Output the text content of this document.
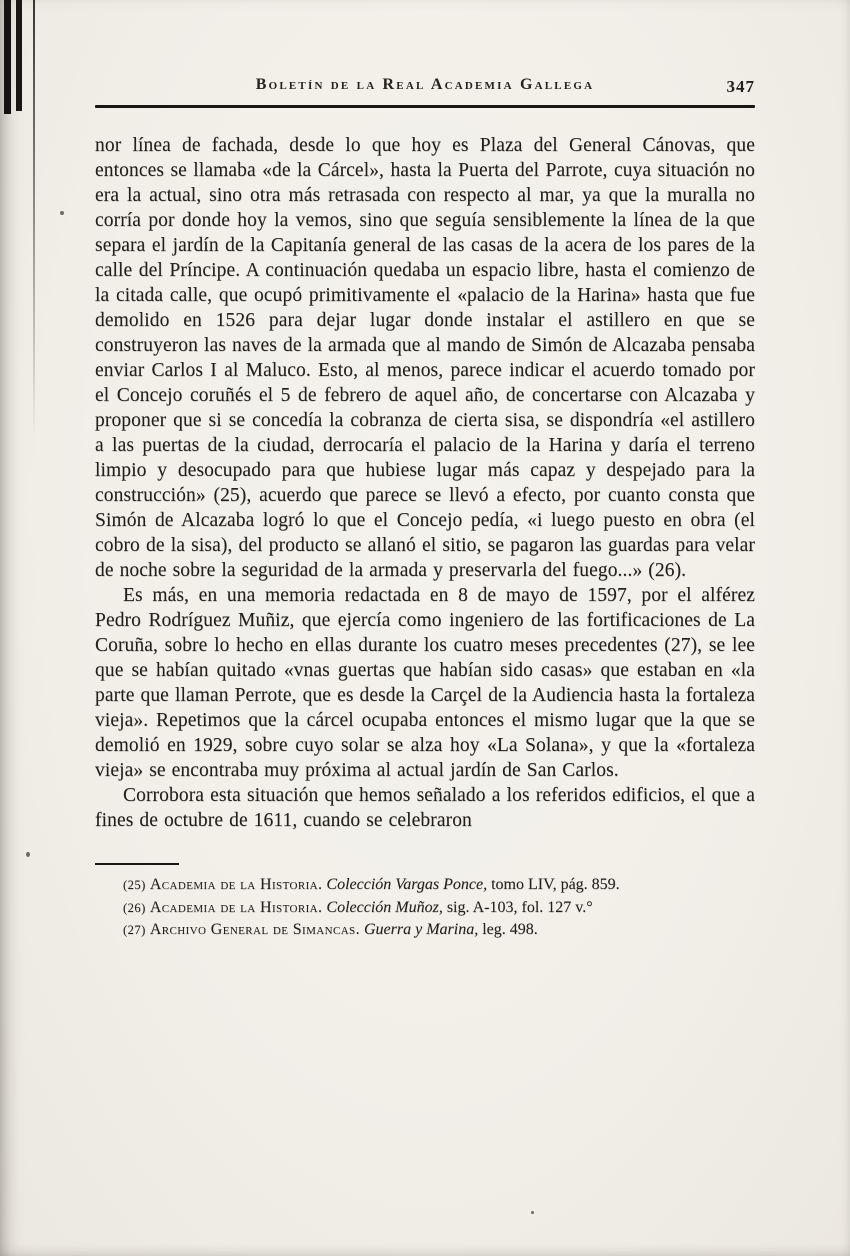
Boletín de la Real Academia Gallega	347

nor línea de fachada, desde lo que hoy es Plaza del General Cánovas, que entonces se llamaba «de la Cárcel», hasta la Puerta del Parrote, cuya situación no era la actual, sino otra más retrasada con respecto al mar, ya que la muralla no corría por donde hoy la vemos, sino que seguía sensiblemente la línea de la que separa el jardín de la Capitanía general de las casas de la acera de los pares de la calle del Príncipe. A continuación quedaba un espacio libre, hasta el comienzo de la citada calle, que ocupó primitivamente el «palacio de la Harina» hasta que fue demolido en 1526 para dejar lugar donde instalar el astillero en que se construyeron las naves de la armada que al mando de Simón de Alcazaba pensaba enviar Carlos I al Maluco. Esto, al menos, parece indicar el acuerdo tomado por el Concejo coruñés el 5 de febrero de aquel año, de concertarse con Alcazaba y proponer que si se concedía la cobranza de cierta sisa, se dispondría «el astillero a las puertas de la ciudad, derrocaría el palacio de la Harina y daría el terreno limpio y desocupado para que hubiese lugar más capaz y despejado para la construcción» (25), acuerdo que parece se llevó a efecto, por cuanto consta que Simón de Alcazaba logró lo que el Concejo pedía, «i luego puesto en obra (el cobro de la sisa), del producto se allanó el sitio, se pagaron las guardas para velar de noche sobre la seguridad de la armada y preservarla del fuego...» (26).

Es más, en una memoria redactada en 8 de mayo de 1597, por el alférez Pedro Rodríguez Muñiz, que ejercía como ingeniero de las fortificaciones de La Coruña, sobre lo hecho en ellas durante los cuatro meses precedentes (27), se lee que se habían quitado «vnas guertas que habían sido casas» que estaban en «la parte que llaman Perrote, que es desde la Carçel de la Audiencia hasta la fortaleza vieja». Repetimos que la cárcel ocupaba entonces el mismo lugar que la que se demolió en 1929, sobre cuyo solar se alza hoy «La Solana», y que la «fortaleza vieja» se encontraba muy próxima al actual jardín de San Carlos.

Corrobora esta situación que hemos señalado a los referidos edificios, el que a fines de octubre de 1611, cuando se celebraron

(25) Academia de la Historia. Colección Vargas Ponce, tomo LIV, pág. 859.

(26) Academia de la Historia. Colección Muñoz, sig. A-103, fol. 127 v.°

(27) Archivo General de Simancas. Guerra y Marina, leg. 498.
